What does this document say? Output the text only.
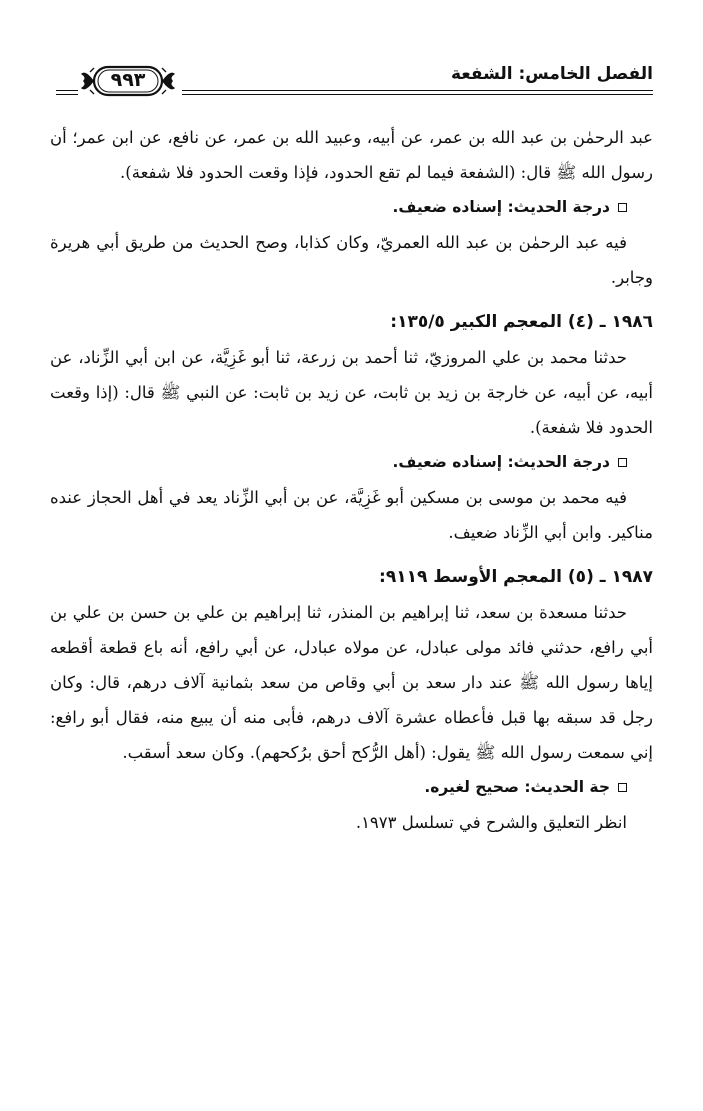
الفصل الخامس: الشفعة
٩٩٣

عبد الرحمٰن بن عبد الله بن عمر، عن أبيه، وعبيد الله بن عمر، عن نافع، عن ابن عمر؛ أن رسول الله ﷺ قال: (الشفعة فيما لم تقع الحدود، فإذا وقعت الحدود فلا شفعة).

درجة الحديث: إسناده ضعيف.

فيه عبد الرحمٰن بن عبد الله العمريّ، وكان كذابا، وصح الحديث من طريق أبي هريرة وجابر.

١٩٨٦ ـ (٤) المعجم الكبير ١٣٥/٥:

حدثنا محمد بن علي المروزيّ، ثنا أحمد بن زرعة، ثنا أبو غَزِيَّة، عن ابن أبي الزِّناد، عن أبيه، عن أبيه، عن خارجة بن زيد بن ثابت، عن زيد بن ثابت: عن النبي ﷺ قال: (إذا وقعت الحدود فلا شفعة).

درجة الحديث: إسناده ضعيف.

فيه محمد بن موسى بن مسكين أبو غَزِيَّة، عن بن أبي الزِّناد يعد في أهل الحجاز عنده مناكير. وابن أبي الزِّناد ضعيف.

١٩٨٧ ـ (٥) المعجم الأوسط ٩١١٩:

حدثنا مسعدة بن سعد، ثنا إبراهيم بن المنذر، ثنا إبراهيم بن علي بن حسن بن علي بن أبي رافع، حدثني فائد مولى عبادل، عن مولاه عبادل، عن أبي رافع، أنه باع قطعة أقطعه إياها رسول الله ﷺ عند دار سعد بن أبي وقاص من سعد بثمانية آلاف درهم، قال: وكان رجل قد سبقه بها قبل فأعطاه عشرة آلاف درهم، فأبى منه أن يبيع منه، فقال أبو رافع: إني سمعت رسول الله ﷺ يقول: (أهل الرُّكح أحق برُكحهم). وكان سعد أسقب.

جة الحديث: صحيح لغيره.

انظر التعليق والشرح في تسلسل ١٩٧٣.
